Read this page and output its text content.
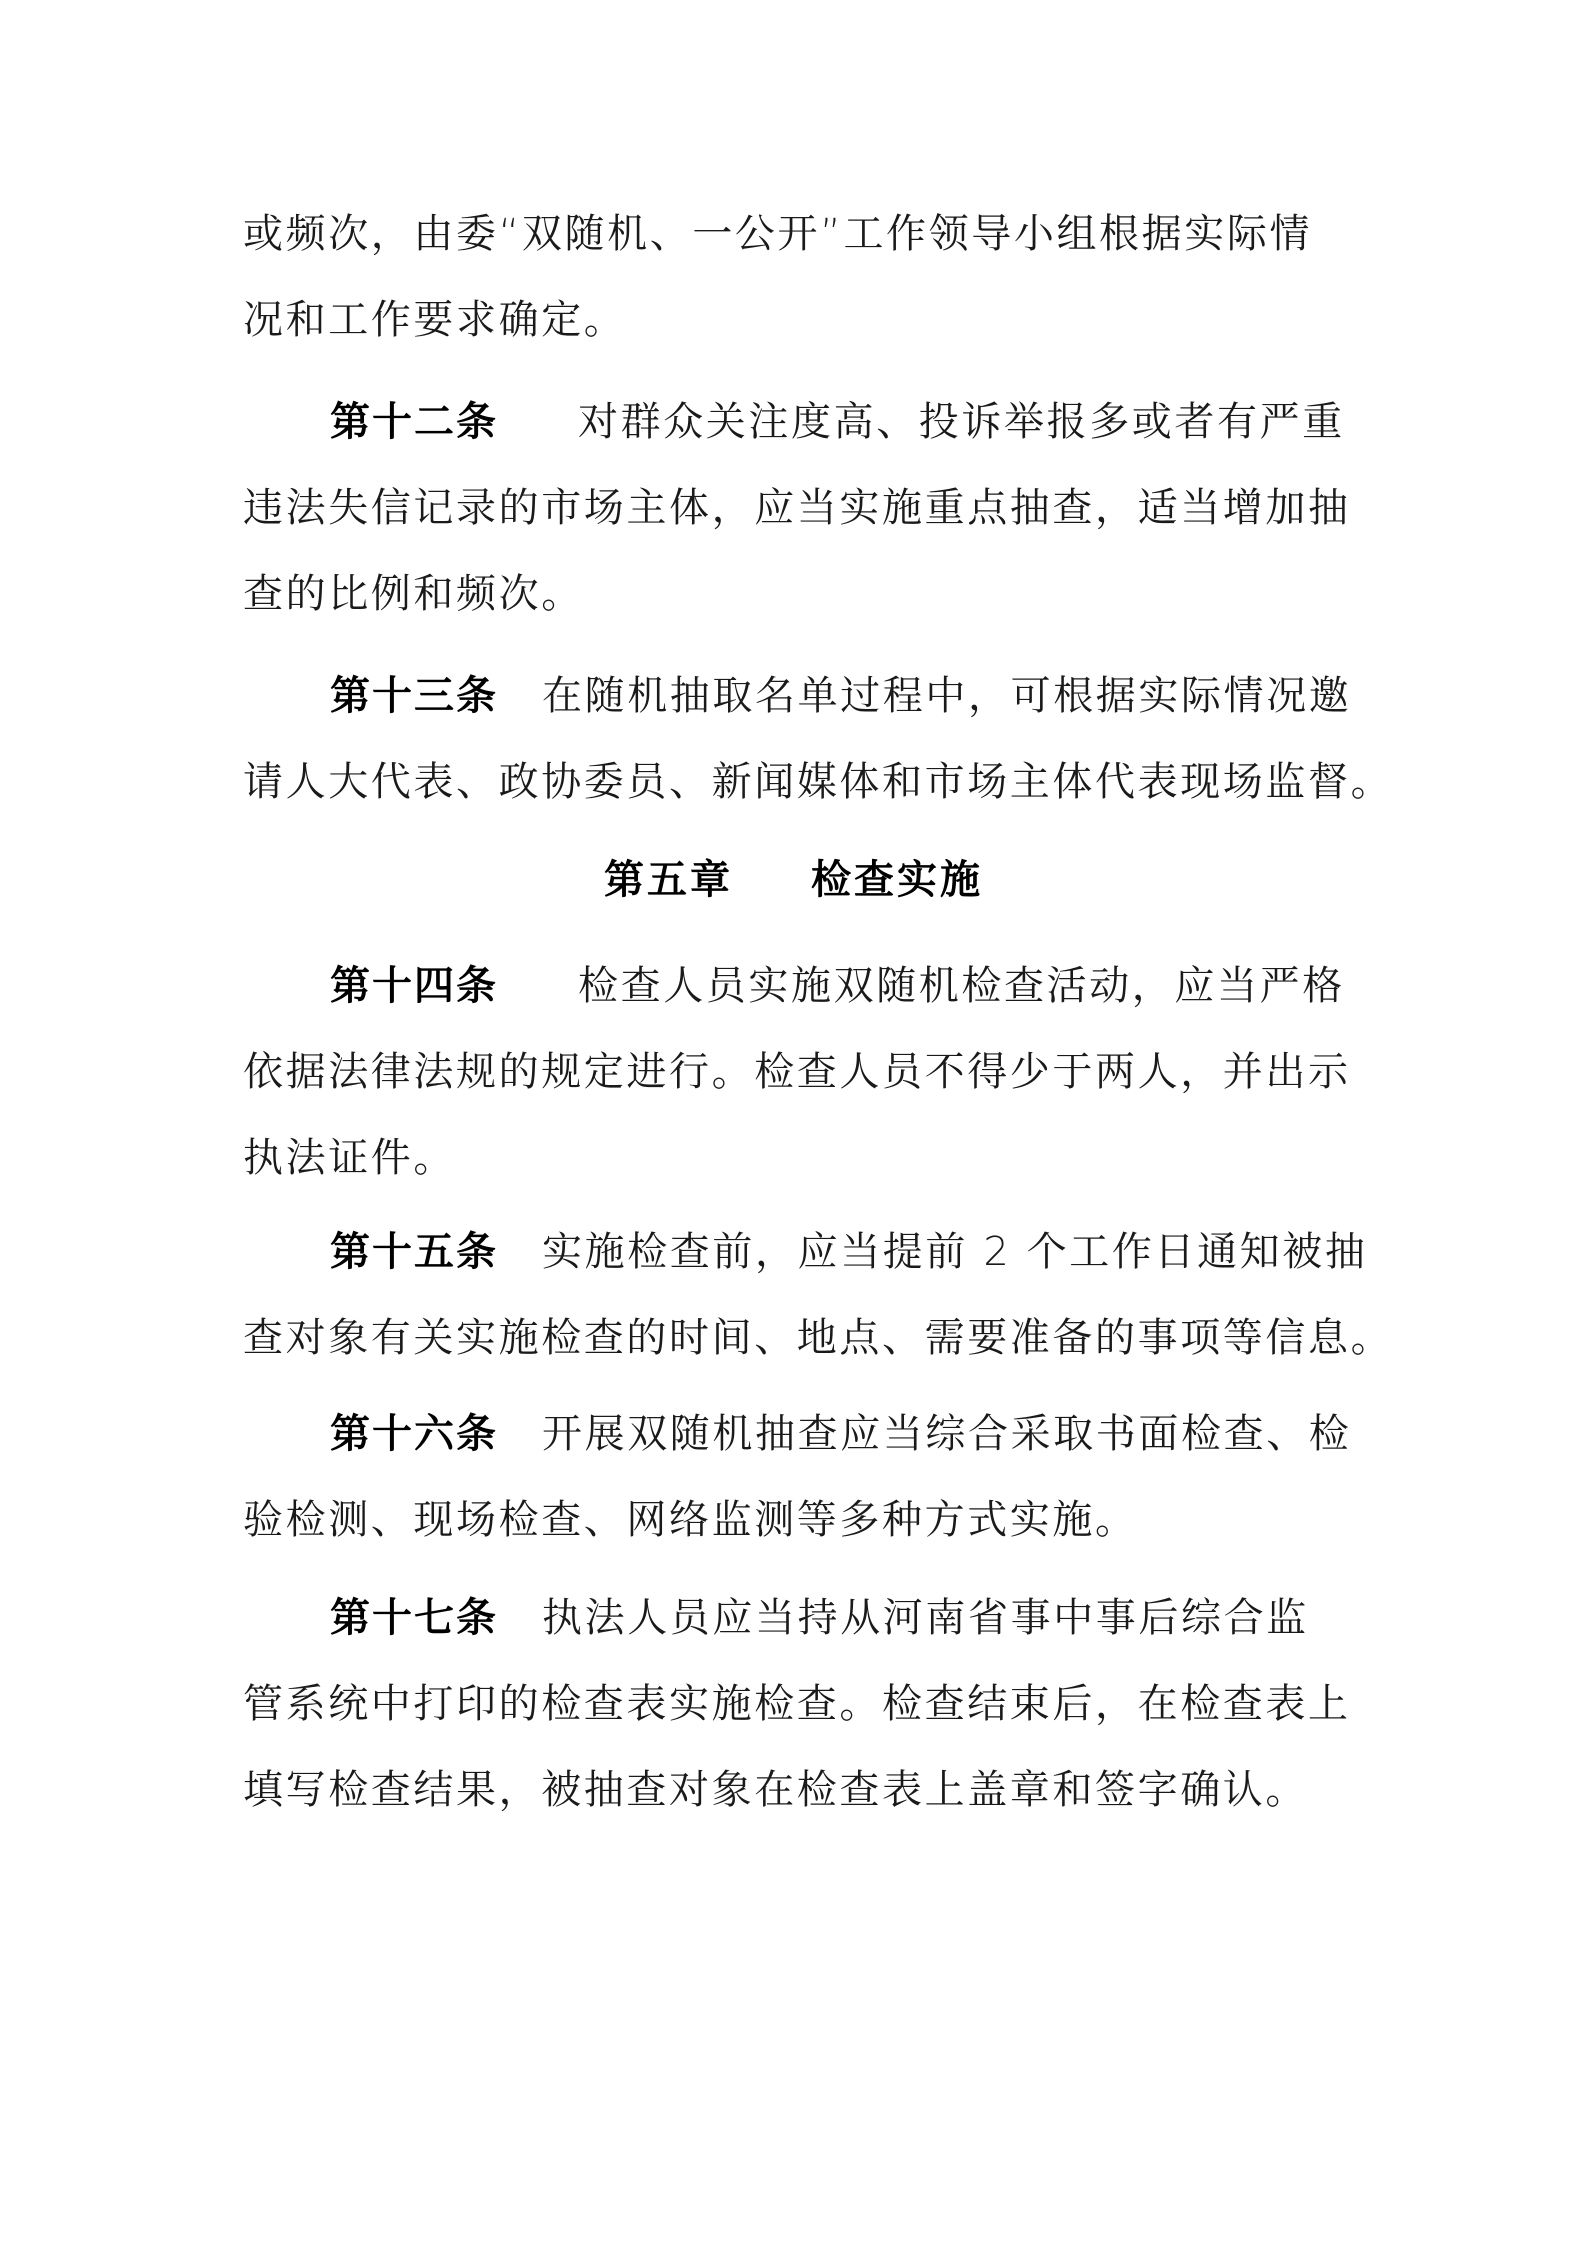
或频次，由委“双随机、一公开”工作领导小组根据实际情
况和工作要求确定。
第十二条 对群众关注度高、投诉举报多或者有严重
违法失信记录的市场主体，应当实施重点抽查，适当增加抽
查的比例和频次。
第十三条 在随机抽取名单过程中，可根据实际情况邀
请人大代表、政协委员、新闻媒体和市场主体代表现场监督。
第五章 检查实施
第十四条 检查人员实施双随机检查活动，应当严格
依据法律法规的规定进行。检查人员不得少于两人，并出示
执法证件。
第十五条 实施检查前，应当提前 2 个工作日通知被抽
查对象有关实施检查的时间、地点、需要准备的事项等信息。
第十六条 开展双随机抽查应当综合采取书面检查、检
验检测、现场检查、网络监测等多种方式实施。
第十七条 执法人员应当持从河南省事中事后综合监
管系统中打印的检查表实施检查。检查结束后，在检查表上
填写检查结果，被抽查对象在检查表上盖章和签字确认。
